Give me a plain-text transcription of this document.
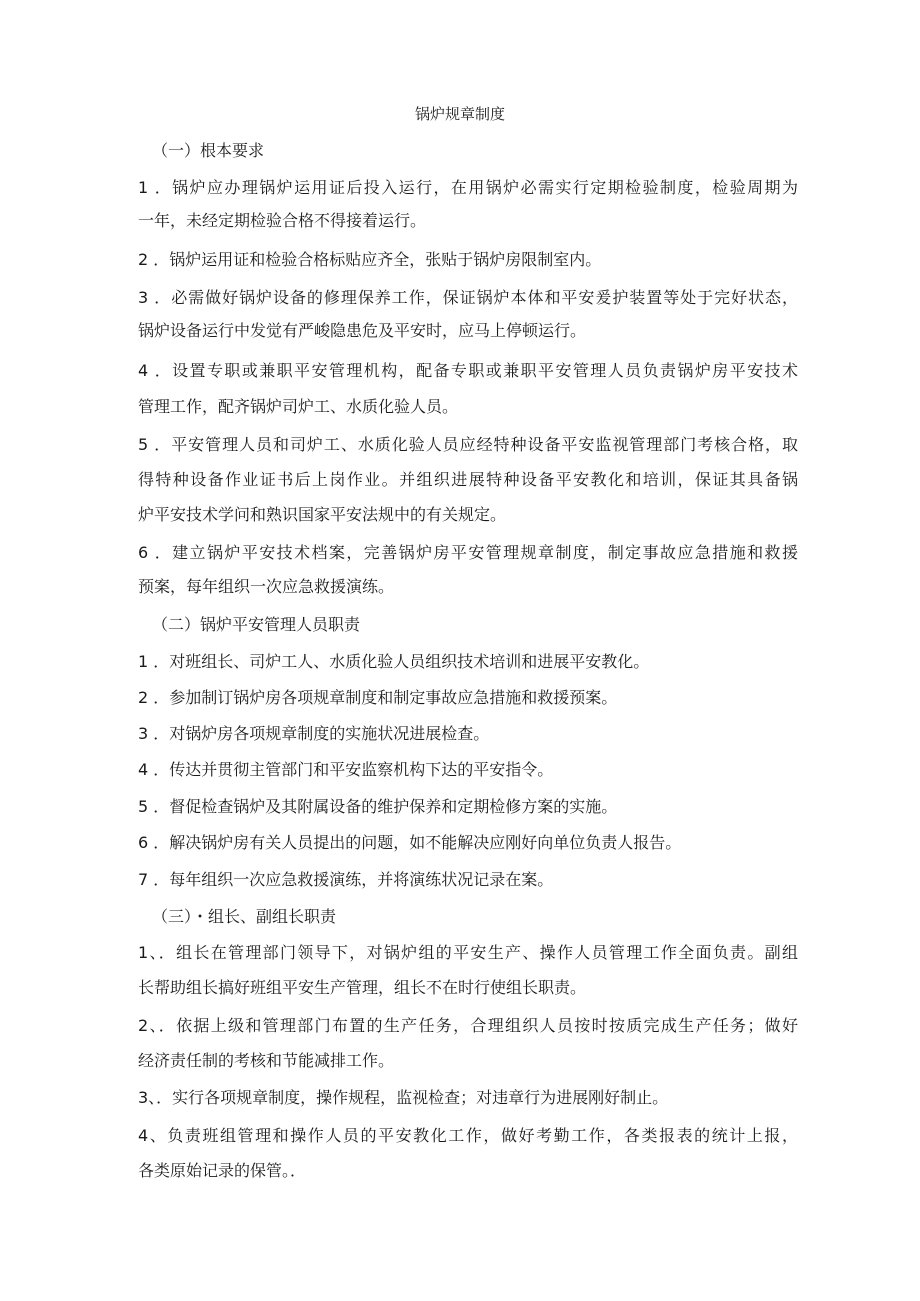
锅炉规章制度
（一）根本要求
1 ．锅炉应办理锅炉运用证后投入运行，在用锅炉必需实行定期检验制度，检验周期为
一年，未经定期检验合格不得接着运行。
2 ．锅炉运用证和检验合格标贴应齐全，张贴于锅炉房限制室内。
3 ．必需做好锅炉设备的修理保养工作，保证锅炉本体和平安爰护装置等处于完好状态，
锅炉设备运行中发觉有严峻隐患危及平安时，应马上停顿运行。
4 ．设置专职或兼职平安管理机构，配备专职或兼职平安管理人员负责锅炉房平安技术
管理工作，配齐锅炉司炉工、水质化验人员。
5 ．平安管理人员和司炉工、水质化验人员应经特种设备平安监视管理部门考核合格，取
得特种设备作业证书后上岗作业。并组织进展特种设备平安教化和培训，保证其具备锅
炉平安技术学问和熟识国家平安法规中的有关规定。
6 ．建立锅炉平安技术档案，完善锅炉房平安管理规章制度，制定事故应急措施和救援
预案，每年组织一次应急救援演练。
（二）锅炉平安管理人员职责
1 ．对班组长、司炉工人、水质化验人员组织技术培训和进展平安教化。
2 ．参加制订锅炉房各项规章制度和制定事故应急措施和救援预案。
3 ．对锅炉房各项规章制度的实施状况进展检查。
4 ．传达并贯彻主管部门和平安监察机构下达的平安指令。
5 ．督促检查锅炉及其附属设备的维护保养和定期检修方案的实施。
6 ．解决锅炉房有关人员提出的问题，如不能解决应刚好向单位负责人报告。
7 ．每年组织一次应急救援演练，并将演练状况记录在案。
（三）・组长、副组长职责
1、．组长在管理部门领导下，对锅炉组的平安生产、操作人员管理工作全面负责。副组
长帮助组长搞好班组平安生产管理，组长不在时行使组长职责。
2、．依据上级和管理部门布置的生产任务，合理组织人员按时按质完成生产任务；做好
经济责任制的考核和节能减排工作。
3、．实行各项规章制度，操作规程，监视检查；对违章行为进展刚好制止。
4、负责班组管理和操作人员的平安教化工作，做好考勤工作，各类报表的统计上报，
各类原始记录的保管。．
